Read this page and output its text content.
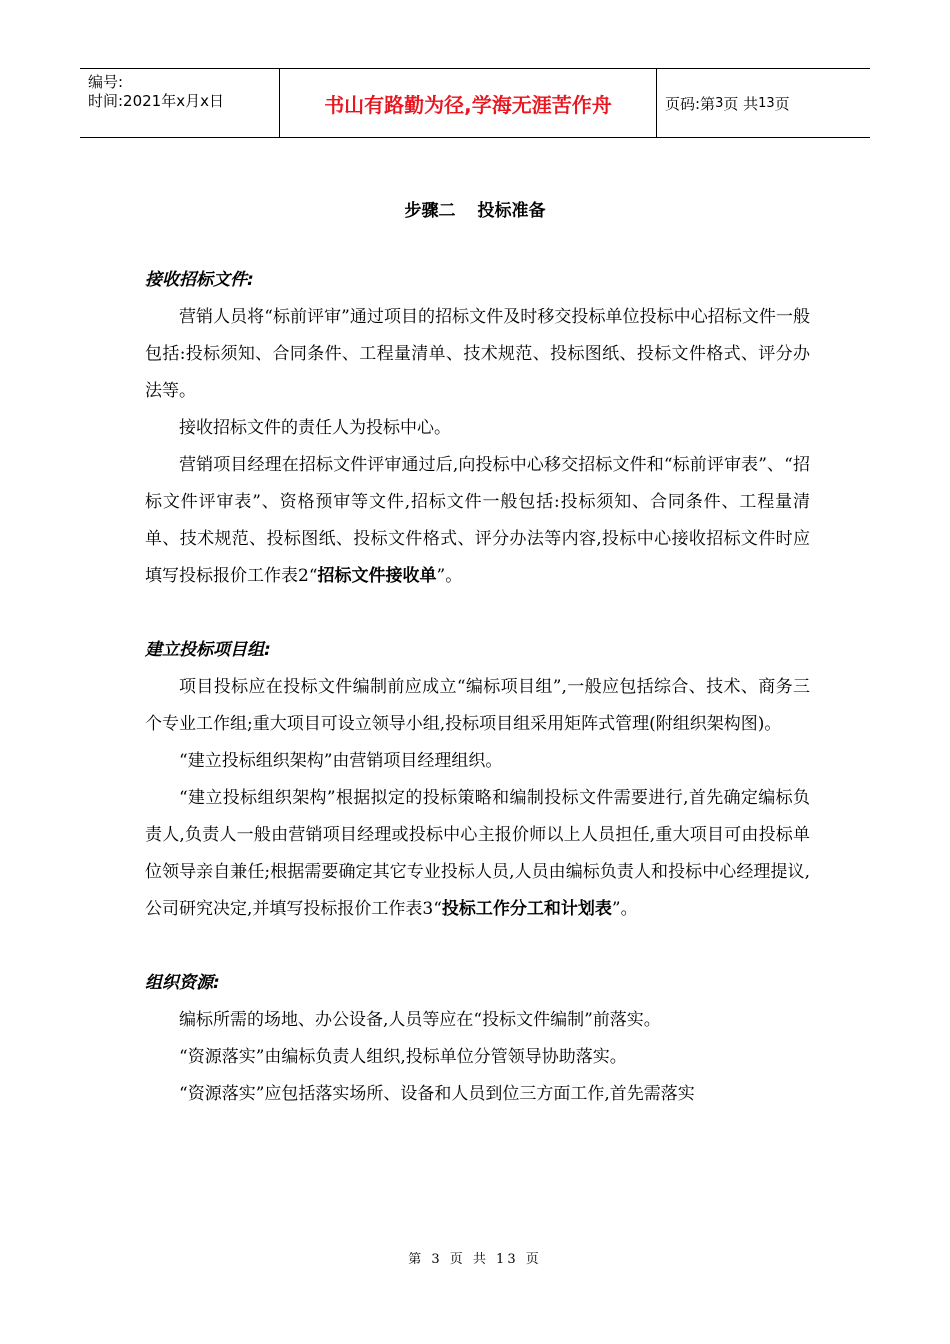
编号:
时间:2021年x月x日	书山有路勤为径,学海无涯苦作舟	页码:第 3 页 共 13 页
步骤二 投标准备
接收招标文件:

营销人员将“标前评审”通过项目的招标文件及时移交投标单位投标中心招标文件一般包括:投标须知、合同条件、工程量清单、技术规范、投标图纸、投标文件格式、评分办法等。

接收招标文件的责任人为投标中心。

营销项目经理在招标文件评审通过后,向投标中心移交招标文件和“标前评审表”、“招标文件评审表”、资格预审等文件,招标文件一般包括:投标须知、合同条件、工程量清单、技术规范、投标图纸、投标文件格式、评分办法等内容,投标中心接收招标文件时应填写投标报价工作表2“招标文件接收单”。

建立投标项目组:

项目投标应在投标文件编制前应成立“编标项目组”,一般应包括综合、技术、商务三个专业工作组;重大项目可设立领导小组,投标项目组采用矩阵式管理(附组织架构图)。

“建立投标组织架构”由营销项目经理组织。

“建立投标组织架构”根据拟定的投标策略和编制投标文件需要进行,首先确定编标负责人,负责人一般由营销项目经理或投标中心主报价师以上人员担任,重大项目可由投标单位领导亲自兼任;根据需要确定其它专业投标人员,人员由编标负责人和投标中心经理提议,公司研究决定,并填写投标报价工作表3“投标工作分工和计划表”。

组织资源:

编标所需的场地、办公设备,人员等应在“投标文件编制”前落实。

“资源落实”由编标负责人组织,投标单位分管领导协助落实。

“资源落实”应包括落实场所、设备和人员到位三方面工作,首先需落实

第 3 页 共 13 页
